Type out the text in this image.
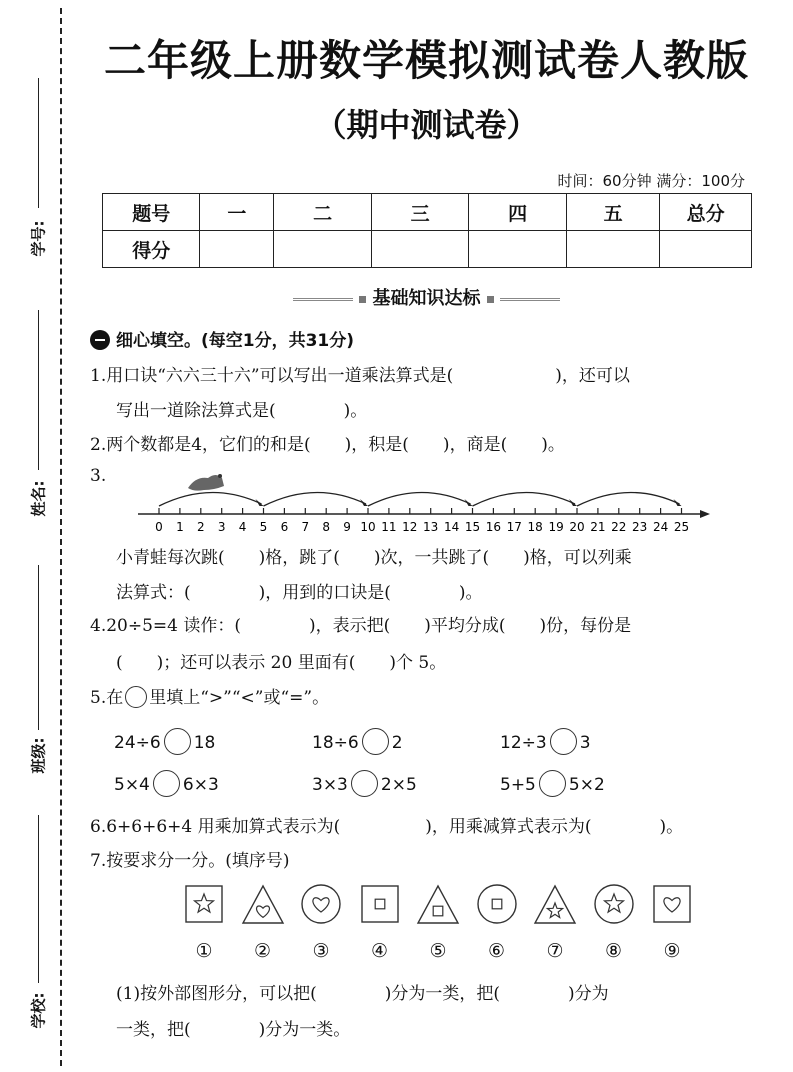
学号:
姓名:
班级:
学校:
二年级上册数学模拟测试卷人教版
（期中测试卷）
时间：60分钟 满分：100分
题号	一	二	三	四	五	总分
得分						
基础知识达标
细心填空。(每空1分，共31分)
1.用口诀“六六三十六”可以写出一道乘法算式是(　　　　　　)，还可以
写出一道除法算式是(　　　　)。
2.两个数都是4，它们的和是(　　)，积是(　　)，商是(　　)。
3.
0 1 2 3 4 5 6 7 8 9 10 11 12 13 14 15 16 17 18 19 20 21 22 23 24 25
小青蛙每次跳(　　)格，跳了(　　)次，一共跳了(　　)格，可以列乘
法算式：(　　　　)，用到的口诀是(　　　　)。
4.20÷5=4 读作：(　　　　)，表示把(　　)平均分成(　　)份，每份是
(　　)；还可以表示 20 里面有(　　)个 5。
5.在 里填上“>”“<”或“=”。
24÷6 18	18÷6 2	12÷3 3
5×4 6×3	3×3 2×5	5+5 5×2
6.6+6+6+4 用乘加算式表示为(　　　　　)，用乘减算式表示为(　　　　)。
7.按要求分一分。(填序号)
①	②	③	④	⑤	⑥	⑦	⑧	⑨
(1)按外部图形分，可以把(　　　　)分为一类，把(　　　　)分为
一类，把(　　　　)分为一类。
